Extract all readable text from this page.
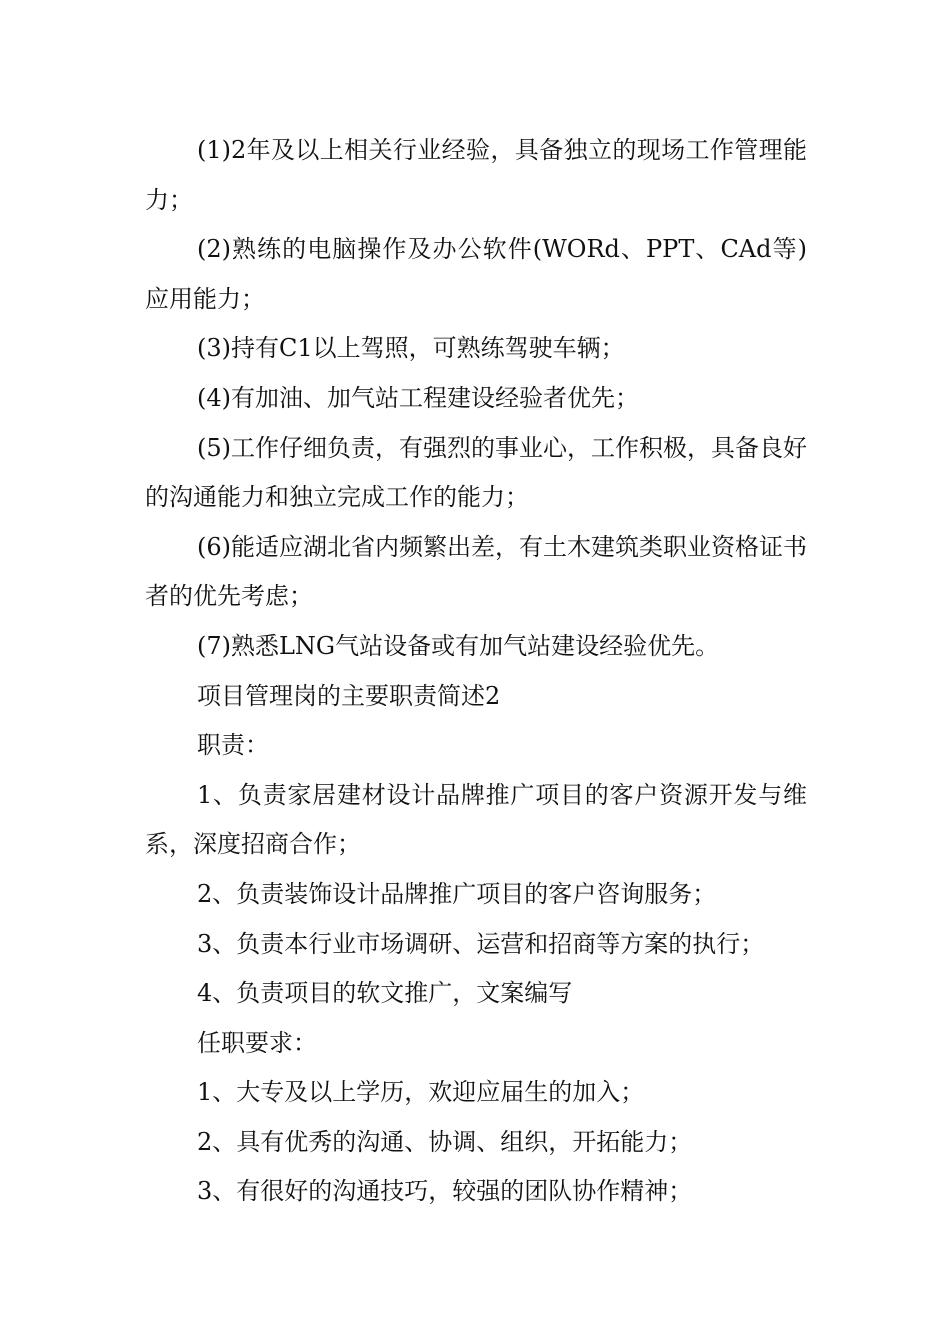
(1)2年及以上相关行业经验，具备独立的现场工作管理能力；

(2)熟练的电脑操作及办公软件(WORd、PPT、CAd等)应用能力；

(3)持有C1以上驾照，可熟练驾驶车辆；

(4)有加油、加气站工程建设经验者优先；

(5)工作仔细负责，有强烈的事业心，工作积极，具备良好的沟通能力和独立完成工作的能力；

(6)能适应湖北省内频繁出差，有土木建筑类职业资格证书者的优先考虑；

(7)熟悉LNG气站设备或有加气站建设经验优先。

项目管理岗的主要职责简述2

职责：

1、负责家居建材设计品牌推广项目的客户资源开发与维系，深度招商合作；

2、负责装饰设计品牌推广项目的客户咨询服务；

3、负责本行业市场调研、运营和招商等方案的执行；

4、负责项目的软文推广，文案编写

任职要求：

1、大专及以上学历，欢迎应届生的加入；

2、具有优秀的沟通、协调、组织，开拓能力；

3、有很好的沟通技巧，较强的团队协作精神；
